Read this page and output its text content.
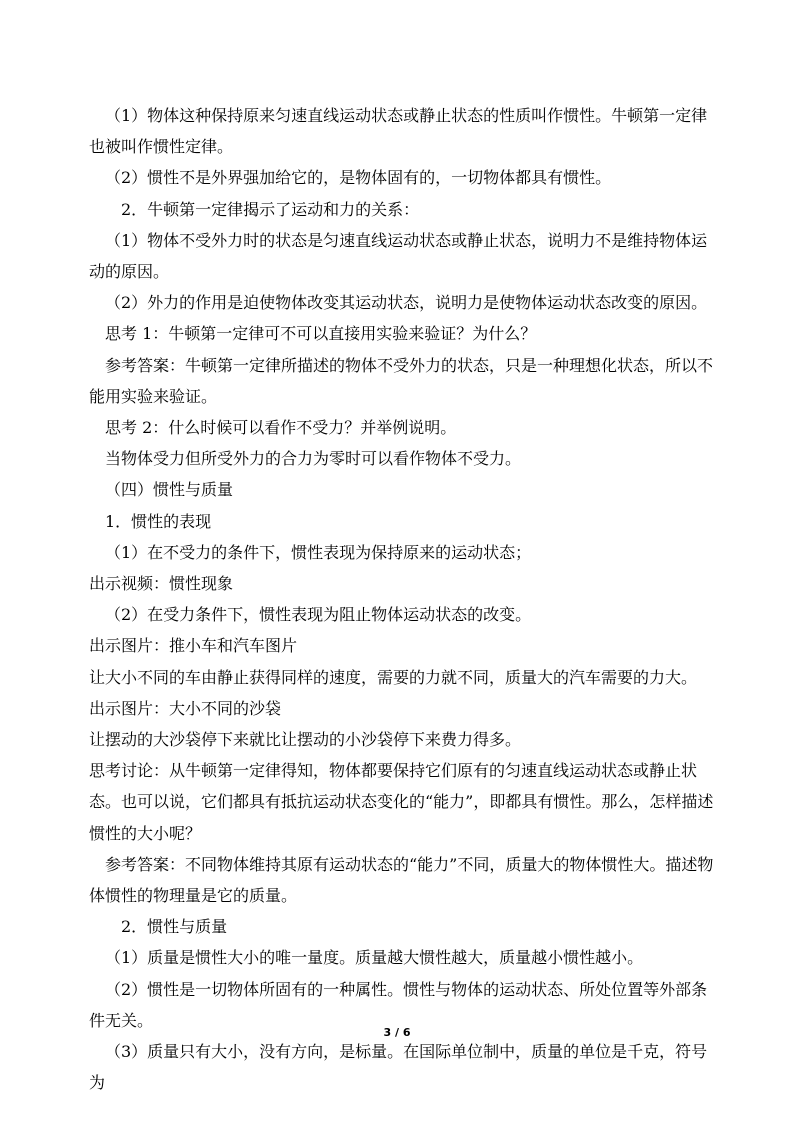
（1）物体这种保持原来匀速直线运动状态或静止状态的性质叫作惯性。牛顿第一定律也被叫作惯性定律。

（2）惯性不是外界强加给它的，是物体固有的，一切物体都具有惯性。

2．牛顿第一定律揭示了运动和力的关系：

（1）物体不受外力时的状态是匀速直线运动状态或静止状态，说明力不是维持物体运动的原因。

（2）外力的作用是迫使物体改变其运动状态，说明力是使物体运动状态改变的原因。

思考 1：牛顿第一定律可不可以直接用实验来验证？为什么？

参考答案：牛顿第一定律所描述的物体不受外力的状态，只是一种理想化状态，所以不能用实验来验证。

思考 2：什么时候可以看作不受力？并举例说明。

当物体受力但所受外力的合力为零时可以看作物体不受力。

（四）惯性与质量

1．惯性的表现

（1）在不受力的条件下，惯性表现为保持原来的运动状态；

出示视频：惯性现象

（2）在受力条件下，惯性表现为阻止物体运动状态的改变。

出示图片：推小车和汽车图片

让大小不同的车由静止获得同样的速度，需要的力就不同，质量大的汽车需要的力大。

出示图片：大小不同的沙袋

让摆动的大沙袋停下来就比让摆动的小沙袋停下来费力得多。

思考讨论：从牛顿第一定律得知，物体都要保持它们原有的匀速直线运动状态或静止状态。也可以说，它们都具有抵抗运动状态变化的“能力”，即都具有惯性。那么，怎样描述惯性的大小呢？

参考答案：不同物体维持其原有运动状态的“能力”不同，质量大的物体惯性大。描述物体惯性的物理量是它的质量。

2．惯性与质量

（1）质量是惯性大小的唯一量度。质量越大惯性越大，质量越小惯性越小。

（2）惯性是一切物体所固有的一种属性。惯性与物体的运动状态、所处位置等外部条件无关。

（3）质量只有大小，没有方向，是标量。在国际单位制中，质量的单位是千克，符号为

3 / 6
